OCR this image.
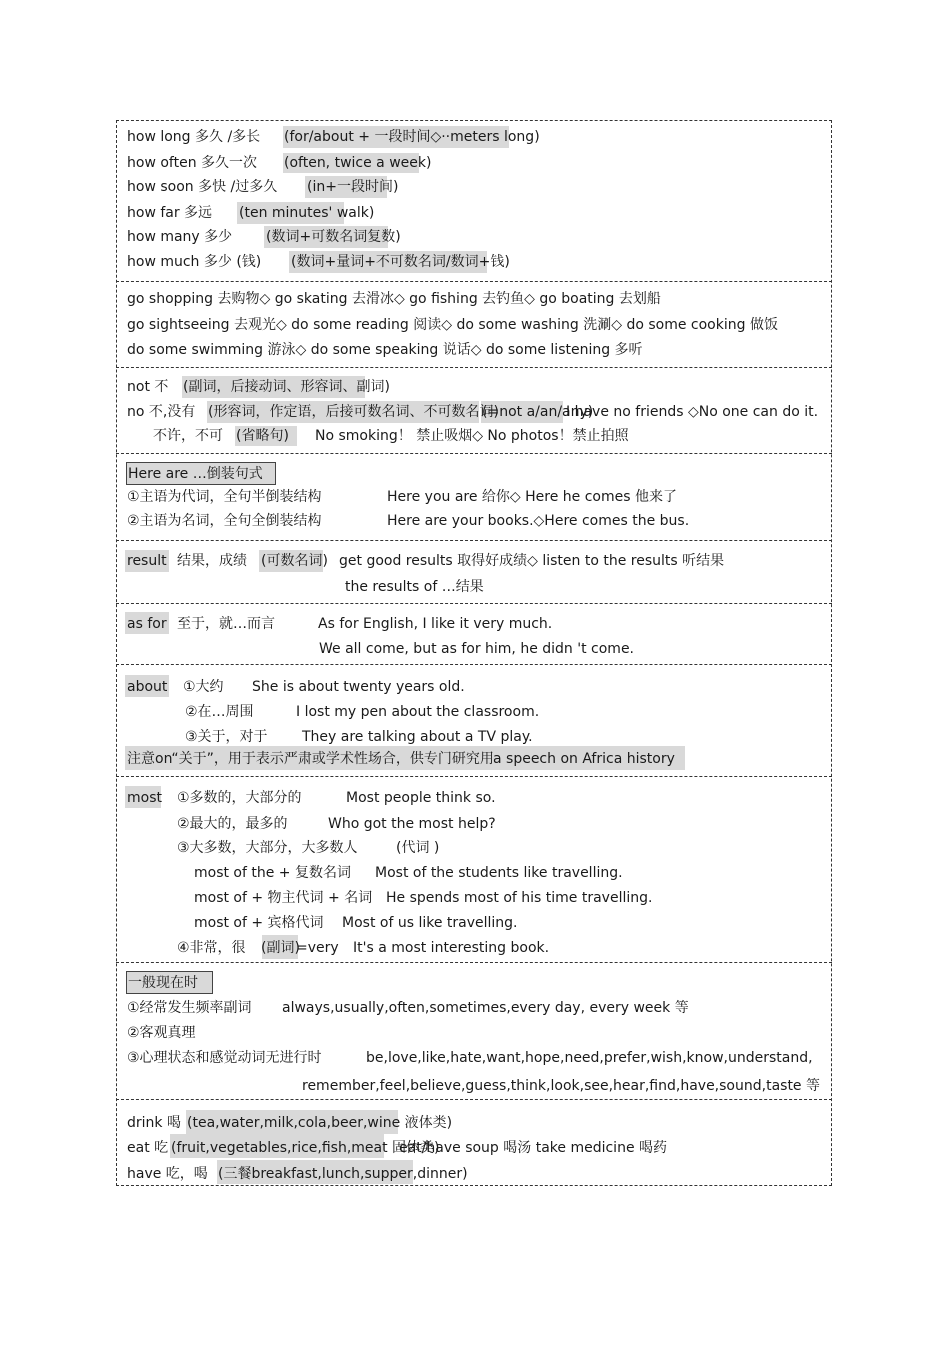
how long 多久 /多长 (for/about + 一段时间◇··meters long)
how often 多久一次 (often, twice a week)
how soon 多快 /过多久 (in+一段时间)
how far 多远 (ten minutes' walk)
how many 多少 (数词+可数名词复数)
how much 多少 (钱) (数词+量词+不可数名词/数词+钱)
go shopping 去购物◇ go skating 去滑冰◇ go fishing 去钓鱼◇ go boating 去划船
go sightseeing 去观光◇ do some reading 阅读◇ do some washing 洗涮◇ do some cooking 做饭
do some swimming 游泳◇ do some speaking 说话◇ do some listening 多听
not 不 (副词，后接动词、形容词、副词)
no 不,没有 (形容词，作定语，后接可数名词、不可数名词)
(=not a/an/any)
I have no friends ◇No one can do it.
不许，不可 (省略句) No smoking！ 禁止吸烟◇ No photos！禁止拍照
Here are …倒装句式
①主语为代词，全句半倒装结构	Here you are 给你◇ Here he comes 他来了
②主语为名词，全句全倒装结构	Here are your books.◇Here comes the bus.
result 结果，成绩 (可数名词) get good results 取得好成绩◇ listen to the results 听结果
the results of …结果
as for 至于，就…而言	As for English, I like it very much.
We all come, but as for him, he didn 't come.
about ①大约 She is about twenty years old.
②在…周围	I lost my pen about the classroom.
③关于，对于 They are talking about a TV play.
注意on“关于”，用于表示严肃或学术性场合，供专门研究用 a speech on Africa history
most ①多数的，大部分的	Most people think so.
②最大的，最多的	Who got the most help?
③大多数，大部分，大多数人	(代词 )
most of the + 复数名词 Most of the students like travelling.
most of + 物主代词 + 名词 He spends most of his time travelling.
most of + 宾格代词 Most of us like travelling.
④非常，很 (副词)
=very It's a most interesting book.
一般现在时
①经常发生频率副词 always,usually,often,sometimes,every day, every week 等
②客观真理
③心理状态和感觉动词无进行时	be,love,like,hate,want,hope,need,prefer,wish,know,understand,
remember,feel,believe,guess,think,look,see,hear,find,have,sound,taste 等
drink 喝 (tea,water,milk,cola,beer,wine 液体类)
eat 吃 (fruit,vegetables,rice,fish,meat 固体类)
eat/have soup 喝汤 take medicine 喝药
have 吃，喝 (三餐breakfast,lunch,supper,dinner)
